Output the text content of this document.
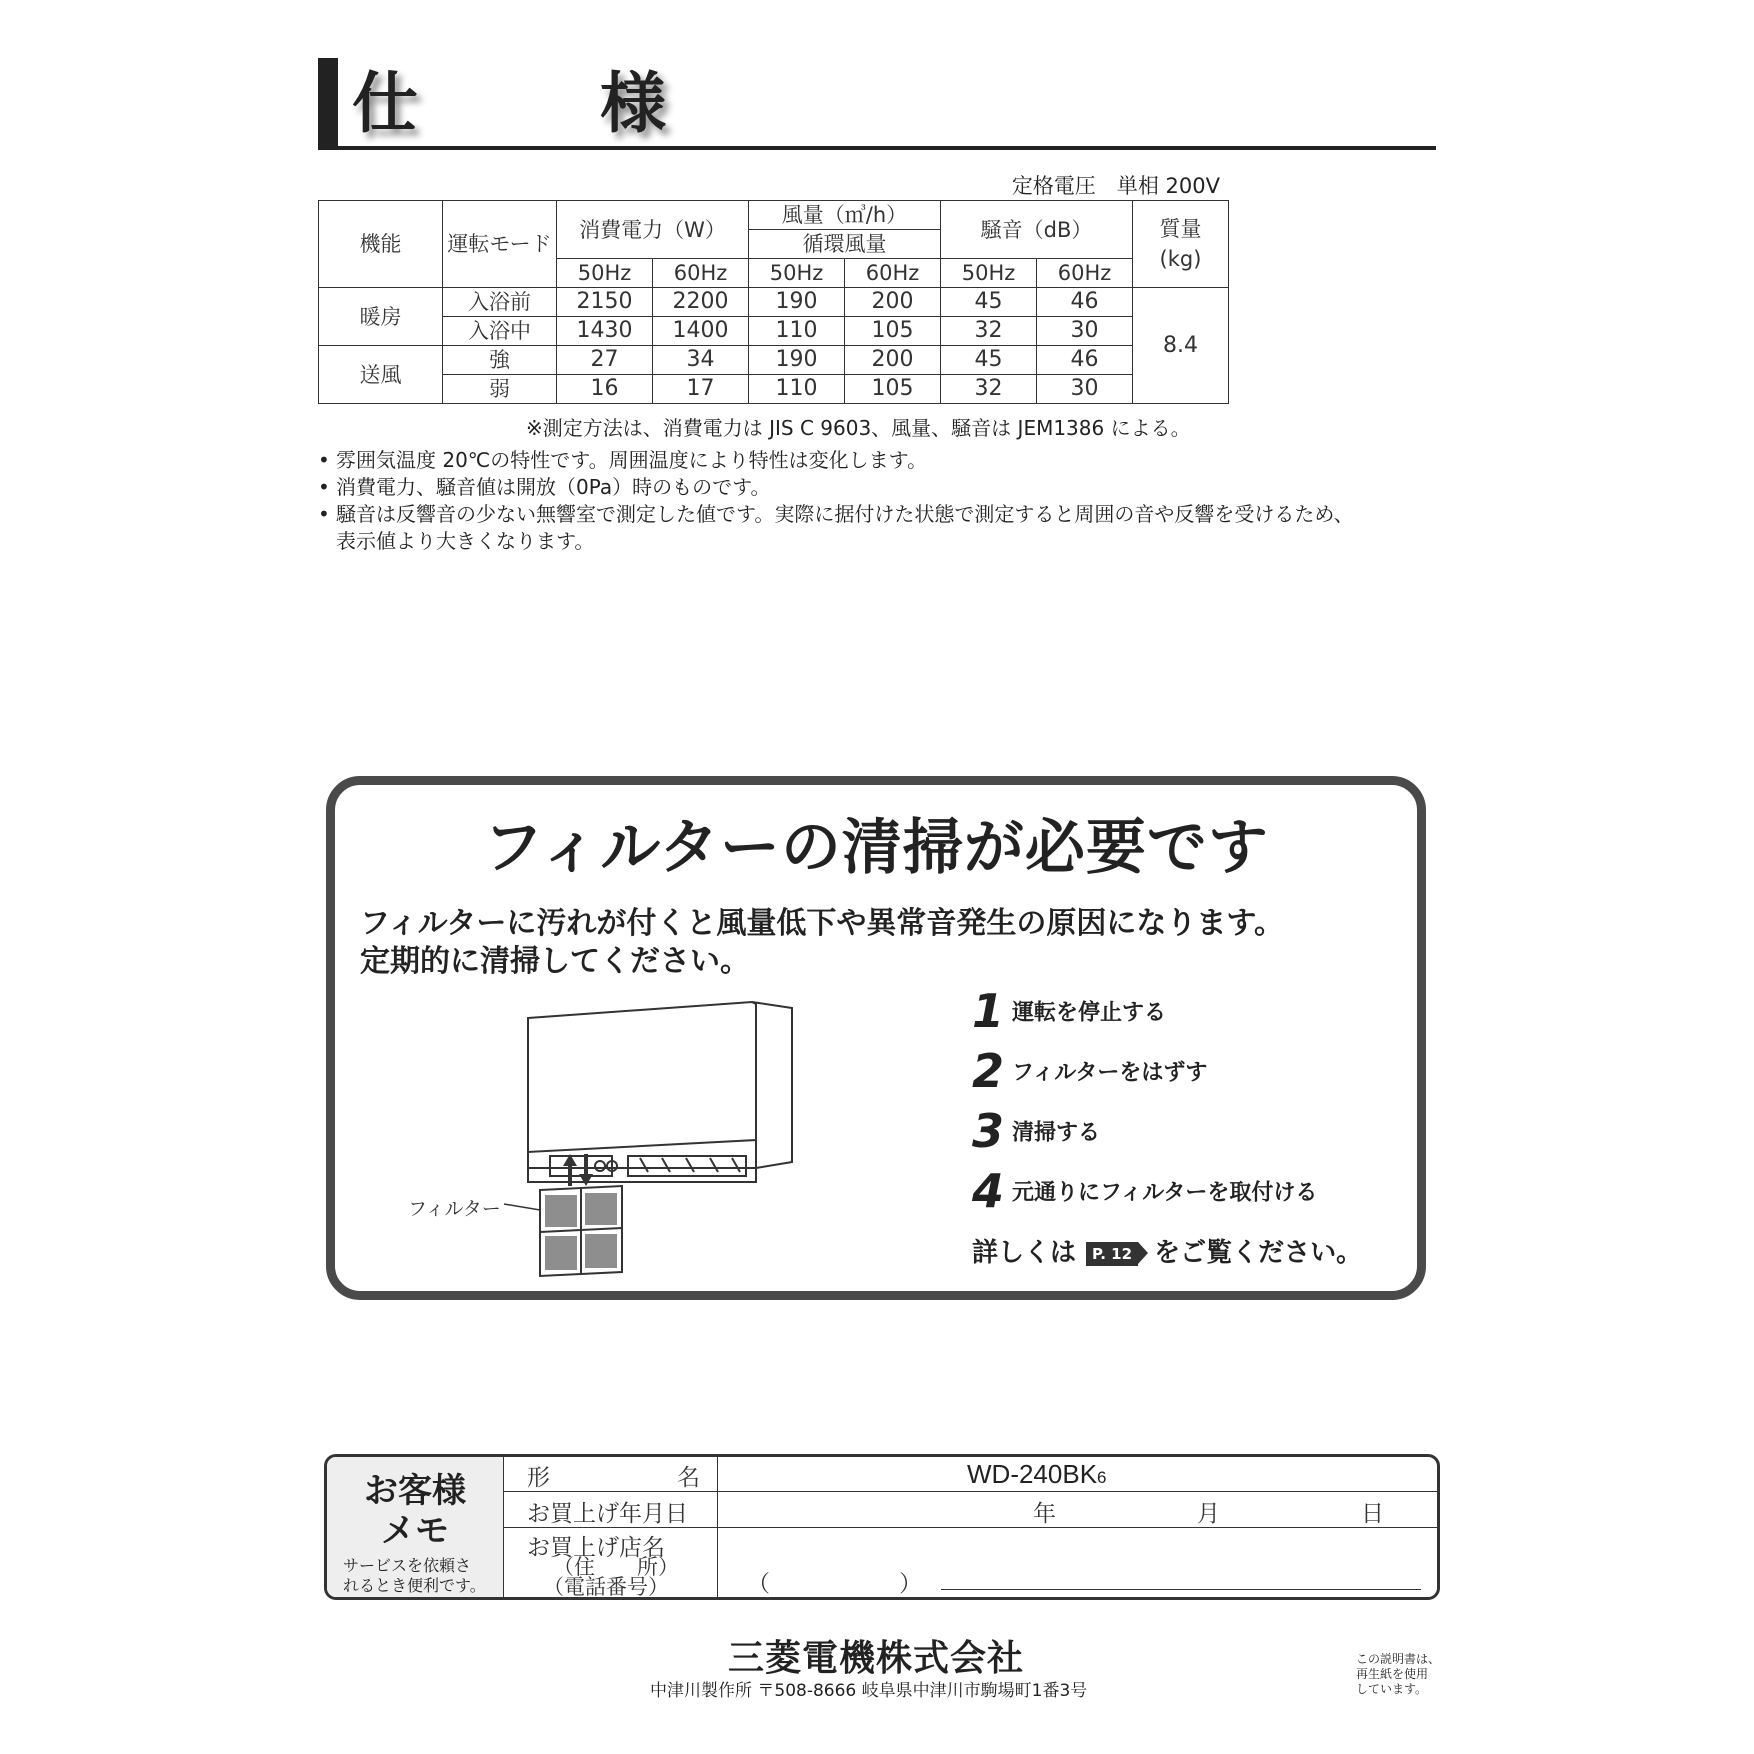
仕　様
定格電圧　単相 200V
機能	運転モード	消費電力（W）		風量（㎥/h）		騒音（dB）		質量
(kg)
				循環風量				
		50Hz	60Hz	50Hz	60Hz	50Hz	60Hz	
暖房	入浴前	2150	2200	190	200	45	46	8.4
	入浴中	1430	1400	110	105	32	30	
送風	強	27	34	190	200	45	46	
	弱	16	17	110	105	32	30	
※測定方法は、消費電力は JIS C 9603、風量、騒音は JEM1386 による。
• 雰囲気温度 20℃の特性です。周囲温度により特性は変化します。
• 消費電力、騒音値は開放（0Pa）時のものです。
• 騒音は反響音の少ない無響室で測定した値です。実際に据付けた状態で測定すると周囲の音や反響を受けるため、
表示値より大きくなります。
フィルターの清掃が必要です
フィルターに汚れが付くと風量低下や異常音発生の原因になります。
定期的に清掃してください。
フィルター
1 運転を停止する
2 フィルターをはずす
3 清掃する
4 元通りにフィルターを取付ける
詳しくは P. 12 をご覧ください。
お客様
メモ
サービスを依頼さ
れるとき便利です。
形	名	WD-240BK6
お買上げ年月日	年	月	日
お買上げ店名
（住　　所）
（電話番号）	（	）
三菱電機株式会社
中津川製作所 〒508-8666 岐阜県中津川市駒場町1番3号
この説明書は、
再生紙を使用
しています。
